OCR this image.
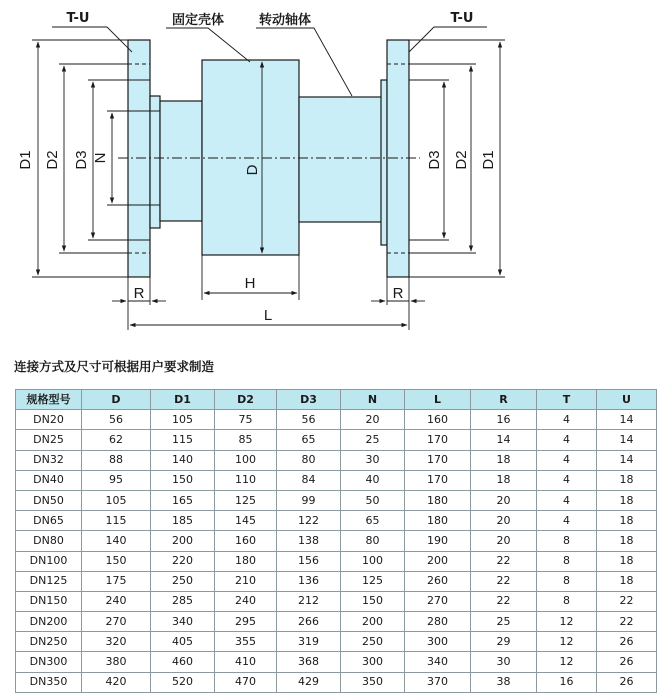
D1 D2 D3 N
D
D3 D2 D1
H
R	R
L
T-U	固定壳体	转动轴体	T-U
连接方式及尺寸可根据用户要求制造
规格型号	D	D1	D2	D3	N	L	R	T	U
DN20	56	105	75	56	20	160	16	4	14
DN25	62	115	85	65	25	170	14	4	14
DN32	88	140	100	80	30	170	18	4	14
DN40	95	150	110	84	40	170	18	4	18
DN50	105	165	125	99	50	180	20	4	18
DN65	115	185	145	122	65	180	20	4	18
DN80	140	200	160	138	80	190	20	8	18
DN100	150	220	180	156	100	200	22	8	18
DN125	175	250	210	136	125	260	22	8	18
DN150	240	285	240	212	150	270	22	8	22
DN200	270	340	295	266	200	280	25	12	22
DN250	320	405	355	319	250	300	29	12	26
DN300	380	460	410	368	300	340	30	12	26
DN350	420	520	470	429	350	370	38	16	26
